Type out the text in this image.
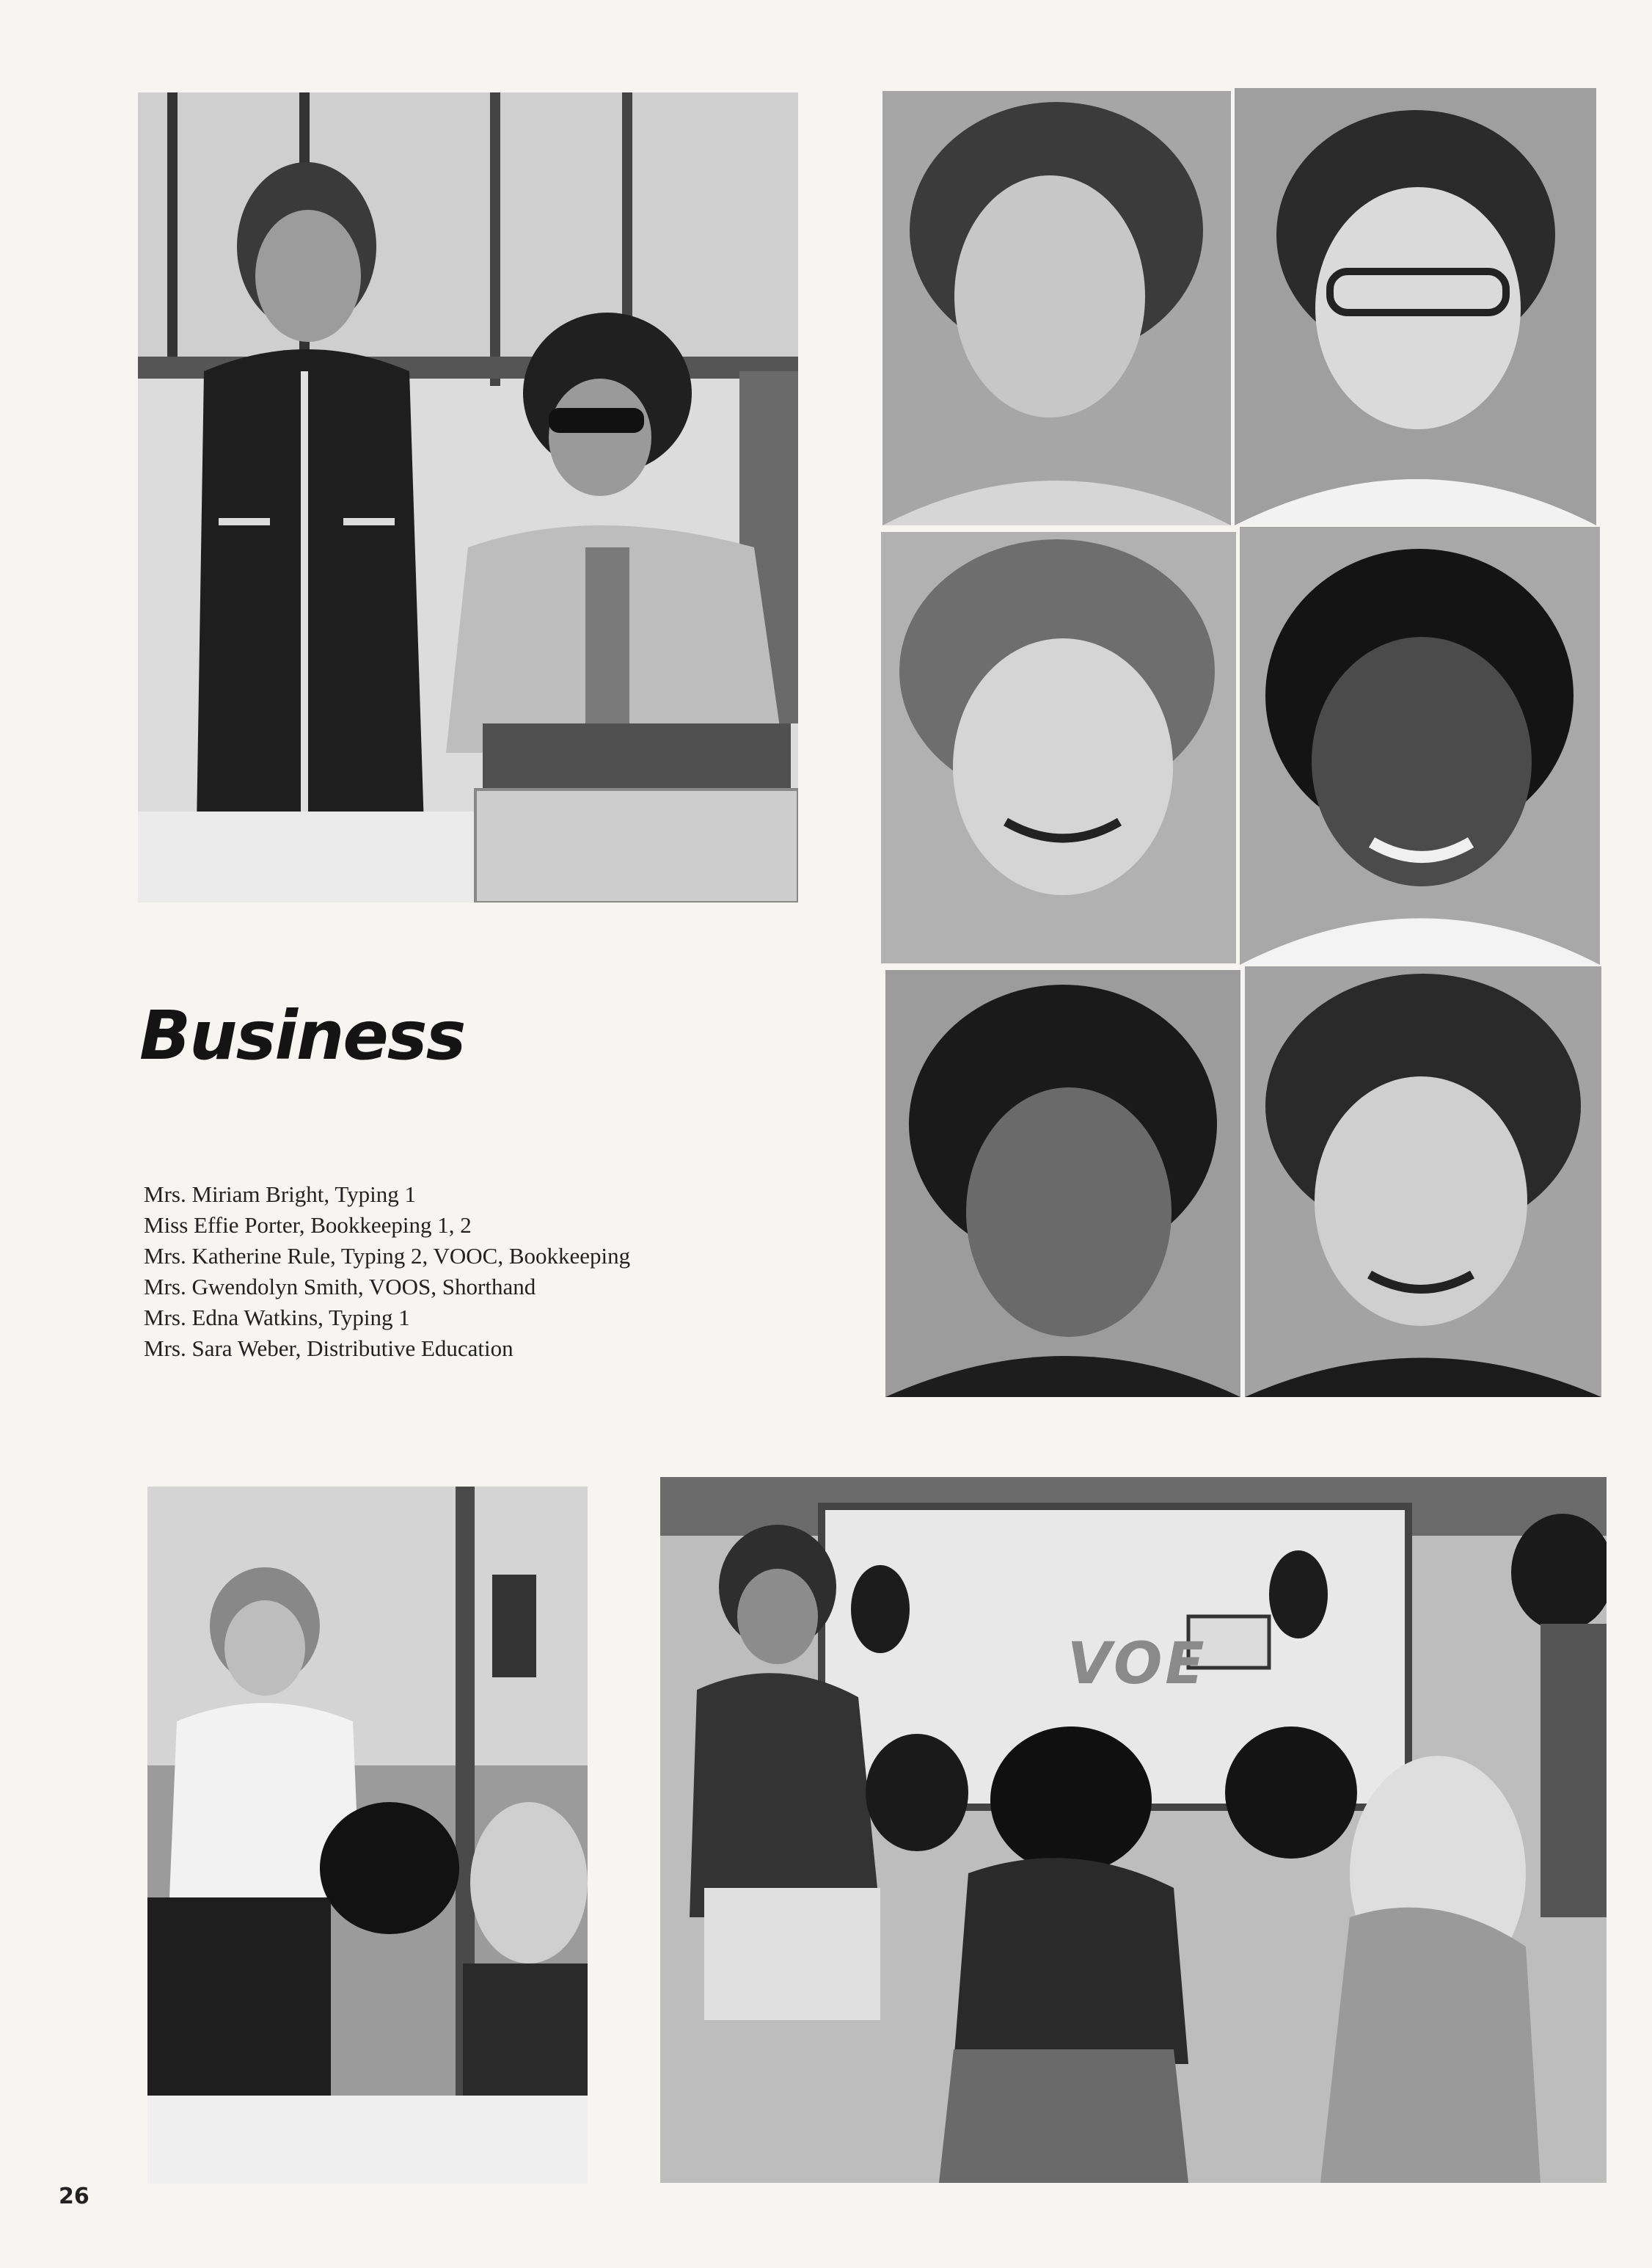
Business
Mrs. Miriam Bright, Typing 1
Miss Effie Porter, Bookkeeping 1, 2
Mrs. Katherine Rule, Typing 2, VOOC, Bookkeeping
Mrs. Gwendolyn Smith, VOOS, Shorthand
Mrs. Edna Watkins, Typing 1
Mrs. Sara Weber, Distributive Education
VOE
26
